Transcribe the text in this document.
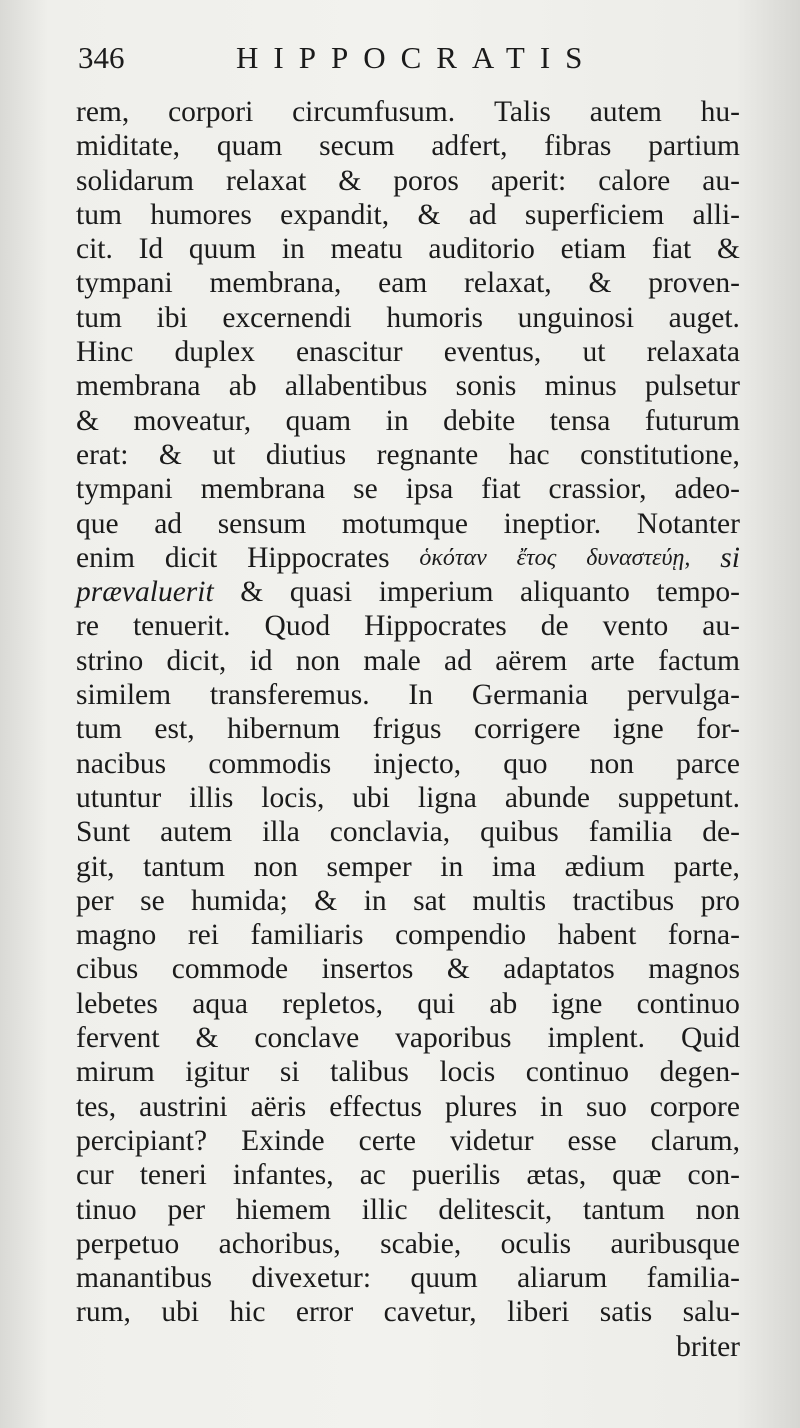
346	HIPPOCRATIS
rem, corpori circumfusum. Talis autem hu-
miditate, quam secum adfert, fibras partium
solidarum relaxat & poros aperit: calore au-
tum humores expandit, & ad superficiem alli-
cit. Id quum in meatu auditorio etiam fiat &
tympani membrana, eam relaxat, & proven-
tum ibi excernendi humoris unguinosi auget.
Hinc duplex enascitur eventus, ut relaxata
membrana ab allabentibus sonis minus pulsetur
& moveatur, quam in debite tensa futurum
erat: & ut diutius regnante hac constitutione,
tympani membrana se ipsa fiat crassior, adeo-
que ad sensum motumque ineptior. Notanter
enim dicit Hippocrates ὁκόταν ἔτος δυναστεύῃ, si
prævaluerit & quasi imperium aliquanto tempo-
re tenuerit. Quod Hippocrates de vento au-
strino dicit, id non male ad aërem arte factum
similem transferemus. In Germania pervulga-
tum est, hibernum frigus corrigere igne for-
nacibus commodis injecto, quo non parce
utuntur illis locis, ubi ligna abunde suppetunt.
Sunt autem illa conclavia, quibus familia de-
git, tantum non semper in ima ædium parte,
per se humida; & in sat multis tractibus pro
magno rei familiaris compendio habent forna-
cibus commode insertos & adaptatos magnos
lebetes aqua repletos, qui ab igne continuo
fervent & conclave vaporibus implent. Quid
mirum igitur si talibus locis continuo degen-
tes, austrini aëris effectus plures in suo corpore
percipiant? Exinde certe videtur esse clarum,
cur teneri infantes, ac puerilis ætas, quæ con-
tinuo per hiemem illic delitescit, tantum non
perpetuo achoribus, scabie, oculis auribusque
manantibus divexetur: quum aliarum familia-
rum, ubi hic error cavetur, liberi satis salu-
briter
